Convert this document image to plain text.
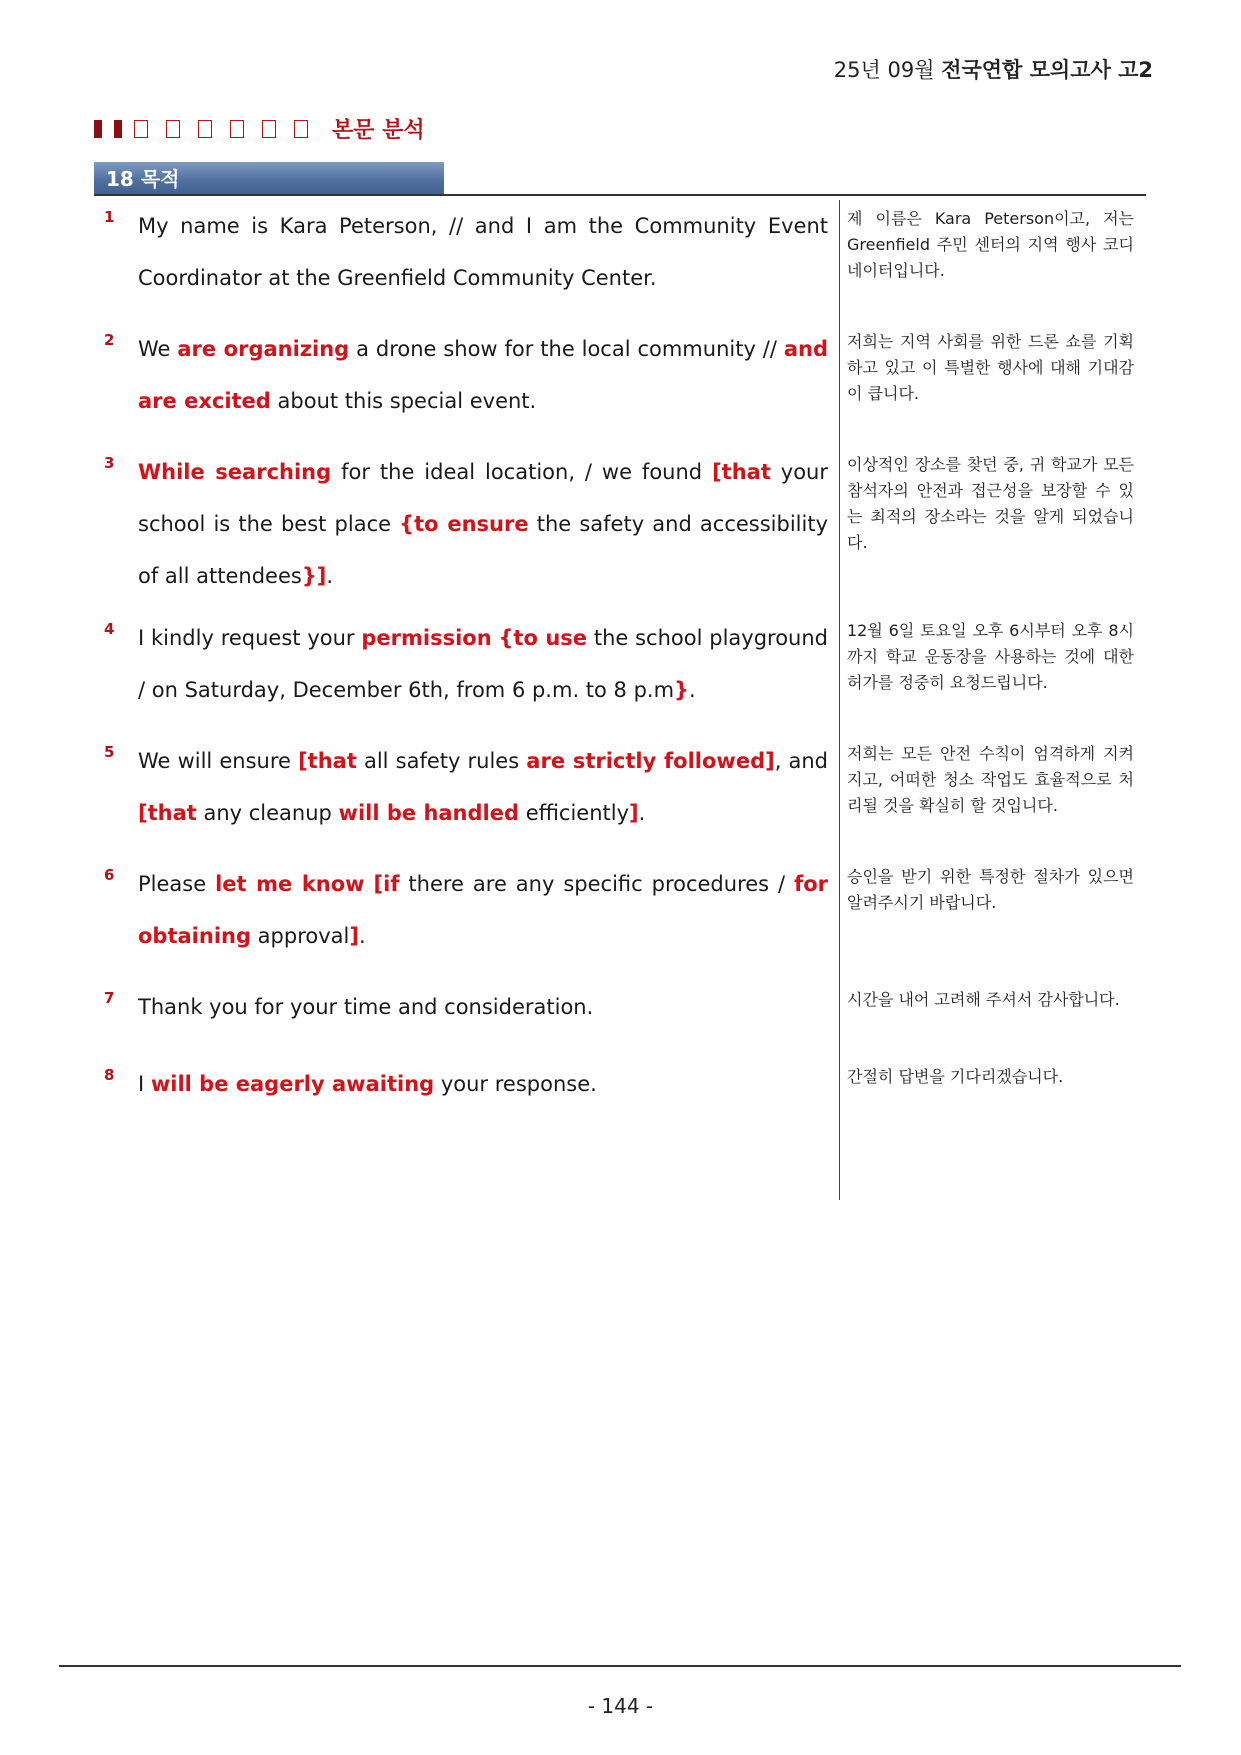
25년 09월 전국연합 모의고사 고2
본문 분석
18 목적
1 My name is Kara Peterson, // and I am the Community Event Coordinator at the Greenfield Community Center.
제 이름은 Kara Peterson이고, 저는 Greenfield 주민 센터의 지역 행사 코디네이터입니다.
2 We are organizing a drone show for the local community // and are excited about this special event.
저희는 지역 사회를 위한 드론 쇼를 기획하고 있고 이 특별한 행사에 대해 기대감이 큽니다.
3 While searching for the ideal location, / we found [that your school is the best place {to ensure the safety and accessibility of all attendees}].
이상적인 장소를 찾던 중, 귀 학교가 모든 참석자의 안전과 접근성을 보장할 수 있는 최적의 장소라는 것을 알게 되었습니다.
4 I kindly request your permission {to use the school playground / on Saturday, December 6th, from 6 p.m. to 8 p.m}.
12월 6일 토요일 오후 6시부터 오후 8시까지 학교 운동장을 사용하는 것에 대한 허가를 정중히 요청드립니다.
5 We will ensure [that all safety rules are strictly followed], and [that any cleanup will be handled efficiently].
저희는 모든 안전 수칙이 엄격하게 지켜지고, 어떠한 청소 작업도 효율적으로 처리될 것을 확실히 할 것입니다.
6 Please let me know [if there are any specific procedures / for obtaining approval].
승인을 받기 위한 특정한 절차가 있으면 알려주시기 바랍니다.
7 Thank you for your time and consideration.	시간을 내어 고려해 주셔서 감사합니다.
8 I will be eagerly awaiting your response.	간절히 답변을 기다리겠습니다.
- 144 -
